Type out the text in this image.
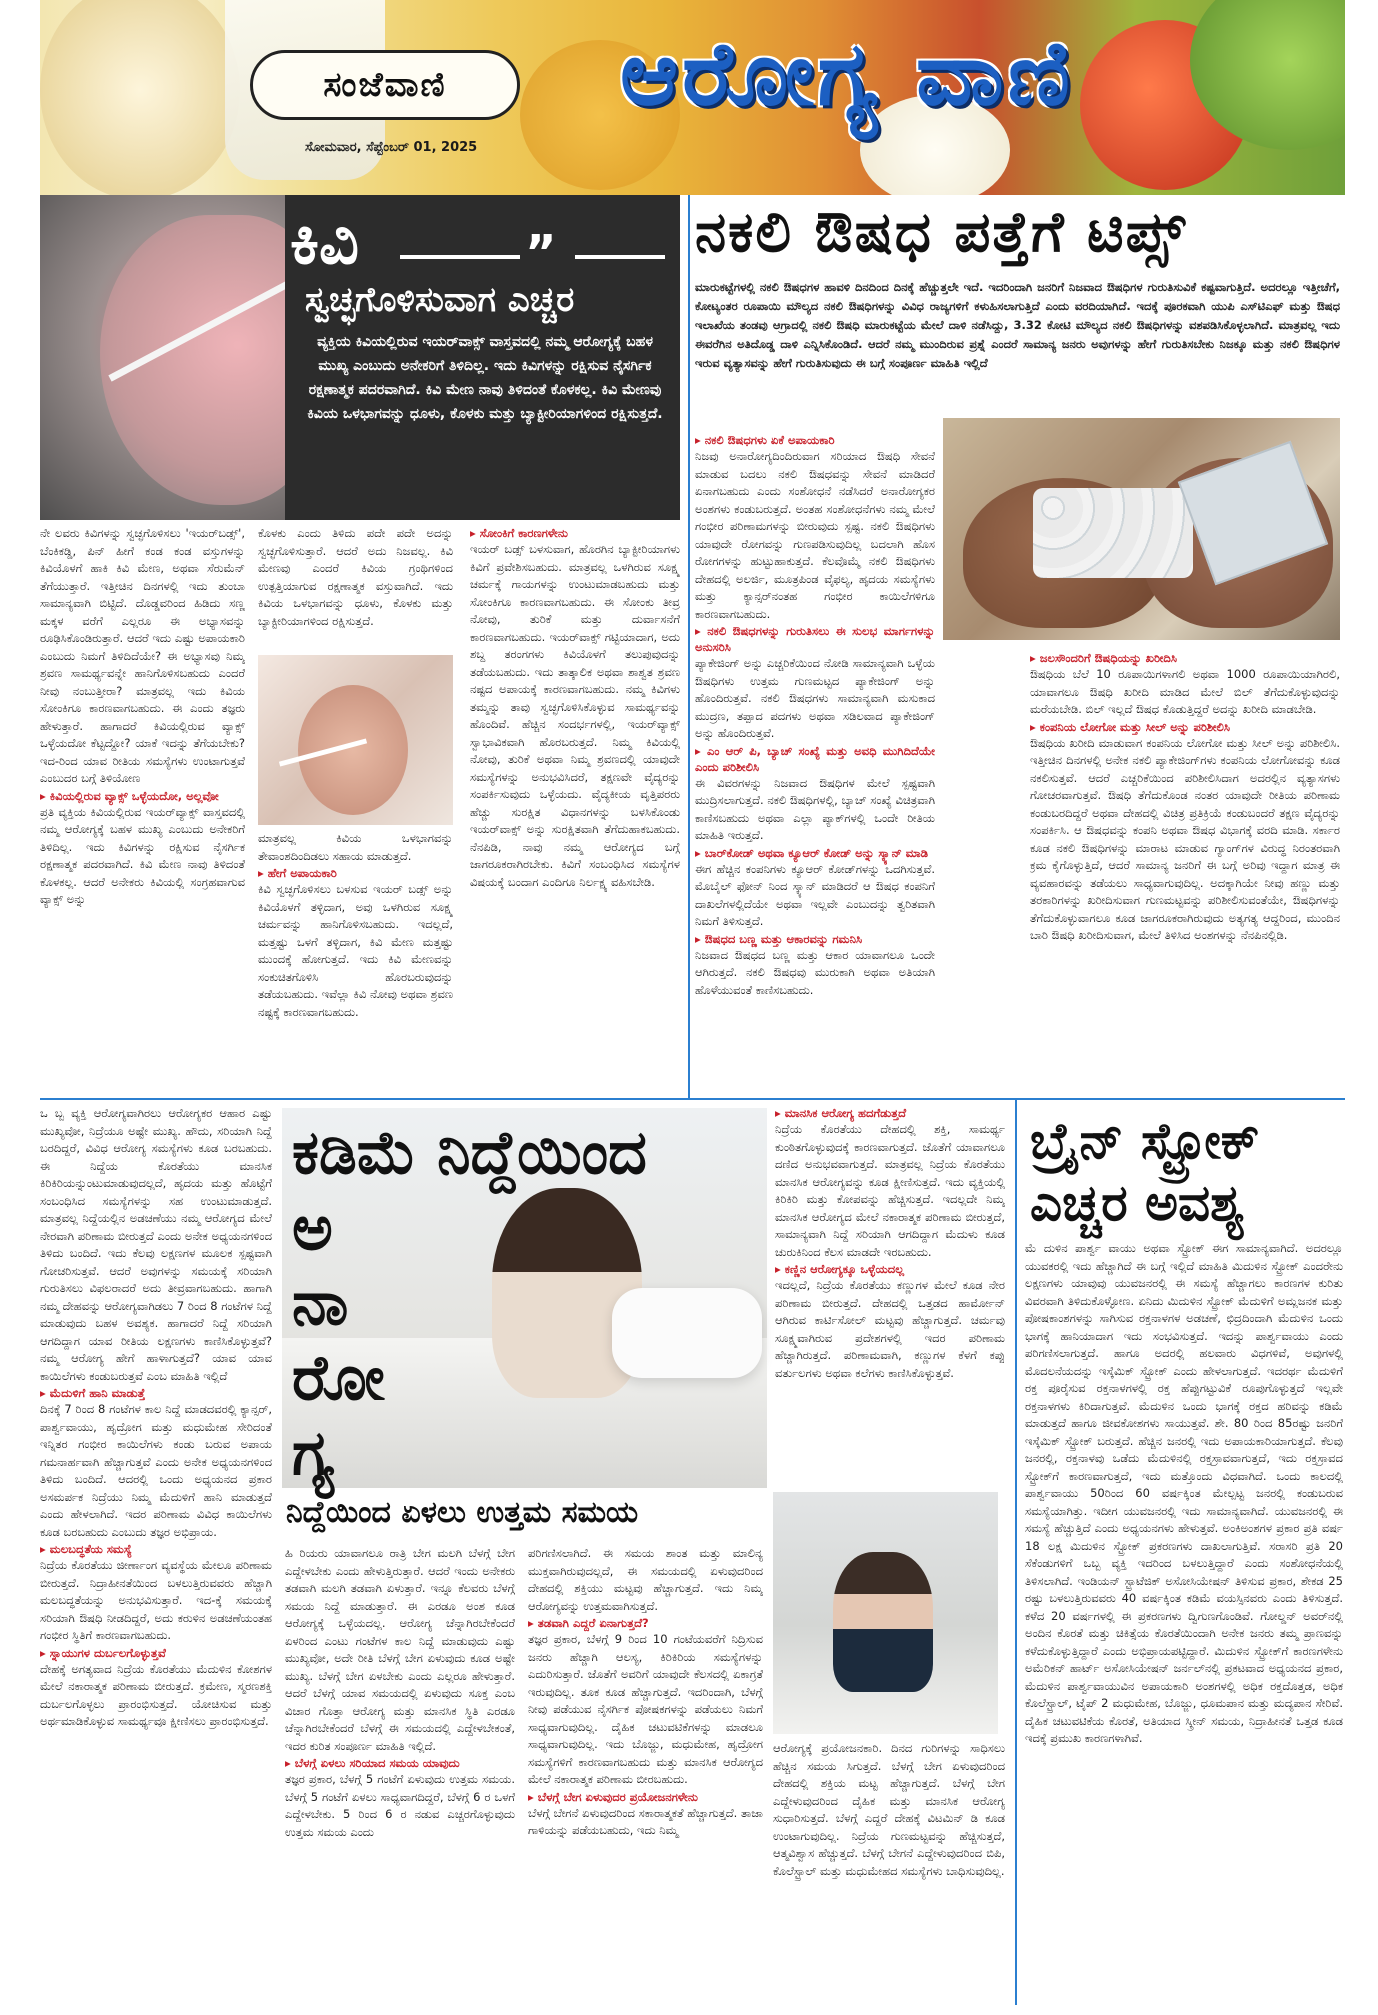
ಸಂಜೆವಾಣಿ
ಸೋಮವಾರ, ಸೆಪ್ಟೆಂಬರ್ 01, 2025
ಆರೋಗ್ಯ ವಾಣಿ
ಕಿವಿ	”
ಸ್ವಚ್ಛಗೊಳಿಸುವಾಗ ಎಚ್ಚರ
ವ್ಯಕ್ತಿಯ ಕಿವಿಯಲ್ಲಿರುವ ಇಯರ್‌ವಾಕ್ಸ್ ವಾಸ್ತವದಲ್ಲಿ ನಮ್ಮ ಆರೋಗ್ಯಕ್ಕೆ ಬಹಳ ಮುಖ್ಯ ಎಂಬುದು ಅನೇಕರಿಗೆ ತಿಳಿದಿಲ್ಲ. ಇದು ಕಿವಿಗಳನ್ನು ರಕ್ಷಿಸುವ ನೈಸರ್ಗಿಕ ರಕ್ಷಣಾತ್ಮಕ ಪದರವಾಗಿದೆ. ಕಿವಿ ಮೇಣ ನಾವು ತಿಳಿದಂತೆ ಕೊಳಕಲ್ಲ. ಕಿವಿ ಮೇಣವು ಕಿವಿಯ ಒಳಭಾಗವನ್ನು ಧೂಳು, ಕೊಳಕು ಮತ್ತು ಬ್ಯಾಕ್ಟೀರಿಯಾಗಳಿಂದ ರಕ್ಷಿಸುತ್ತದೆ.

ನೇ ಲವರು ಕಿವಿಗಳನ್ನು ಸ್ವಚ್ಛಗೊಳಿಸಲು 'ಇಯರ್‌ಬಡ್ಸ್', ಬೆಂಕಿಕಡ್ಡಿ, ಪಿನ್ ಹೀಗೆ ಕಂಡ ಕಂಡ ವಸ್ತುಗಳನ್ನು ಕಿವಿಯೊಳಗೆ ಹಾಕಿ ಕಿವಿ ಮೇಣ, ಅಥವಾ ಸೆರುಮೆನ್ ತೆಗೆಯುತ್ತಾರೆ. ಇತ್ತೀಚಿನ ದಿನಗಳಲ್ಲಿ ಇದು ತುಂಬಾ ಸಾಮಾನ್ಯವಾಗಿ ಬಿಟ್ಟಿದೆ. ದೊಡ್ಡವರಿಂದ ಹಿಡಿದು ಸಣ್ಣ ಮಕ್ಕಳ ವರೆಗೆ ಎಲ್ಲರೂ ಈ ಅಭ್ಯಾಸವನ್ನು ರೂಢಿಸಿಕೊಂಡಿರುತ್ತಾರೆ. ಆದರೆ ಇದು ಎಷ್ಟು ಅಪಾಯಕಾರಿ ಎಂಬುದು ನಿಮಗೆ ತಿಳಿದಿದೆಯೇ? ಈ ಅಭ್ಯಾಸವು ನಿಮ್ಮ ಶ್ರವಣ ಸಾಮರ್ಥ್ಯವನ್ನೇ ಹಾನಿಗೊಳಿಸಬಹುದು ಎಂದರೆ ನೀವು ನಂಬುತ್ತೀರಾ? ಮಾತ್ರವಲ್ಲ ಇದು ಕಿವಿಯ ಸೋಂಕಿಗೂ ಕಾರಣವಾಗಬಹುದು. ಈ ಎಂದು ತಜ್ಞರು ಹೇಳುತ್ತಾರೆ. ಹಾಗಾದರೆ ಕಿವಿಯಲ್ಲಿರುವ ವ್ಯಾಕ್ಸ್ ಒಳ್ಳೆಯದೋ ಕೆಟ್ಟದ್ದೋ? ಯಾಕೆ ಇದನ್ನು ತೆಗೆಯಬೇಕು? ಇದ-ರಿಂದ ಯಾವ ರೀತಿಯ ಸಮಸ್ಯೆಗಳು ಉಂಟಾಗುತ್ತವೆ ಎಂಬುದರ ಬಗ್ಗೆ ತಿಳಿಯೋಣ

▸ ಕಿವಿಯಲ್ಲಿರುವ ವ್ಯಾಕ್ಸ್ ಒಳ್ಳೆಯದೋ, ಅಲ್ಲವೋ

ಪ್ರತಿ ವ್ಯಕ್ತಿಯ ಕಿವಿಯಲ್ಲಿರುವ ಇಯರ್‌ವ್ಯಾಕ್ಸ್ ವಾಸ್ತವದಲ್ಲಿ ನಮ್ಮ ಆರೋಗ್ಯಕ್ಕೆ ಬಹಳ ಮುಖ್ಯ ಎಂಬುದು ಅನೇಕರಿಗೆ ತಿಳಿದಿಲ್ಲ. ಇದು ಕಿವಿಗಳನ್ನು ರಕ್ಷಿಸುವ ನೈಸರ್ಗಿಕ ರಕ್ಷಣಾತ್ಮಕ ಪದರವಾಗಿದೆ. ಕಿವಿ ಮೇಣ ನಾವು ತಿಳಿದಂತೆ ಕೊಳಕಲ್ಲ. ಆದರೆ ಅನೇಕರು ಕಿವಿಯಲ್ಲಿ ಸಂಗ್ರಹವಾಗುವ ವ್ಯಾಕ್ಸ್ ಅನ್ನು

ಕೊಳಕು ಎಂದು ತಿಳಿದು ಪದೇ ಪದೇ ಅದನ್ನು ಸ್ವಚ್ಛಗೊಳಿಸುತ್ತಾರೆ. ಆದರೆ ಅದು ನಿಜವಲ್ಲ. ಕಿವಿ ಮೇಣವು ಎಂದರೆ ಕಿವಿಯ ಗ್ರಂಥಿಗಳಿಂದ ಉತ್ಪತ್ತಿಯಾಗುವ ರಕ್ಷಣಾತ್ಮಕ ವಸ್ತುವಾಗಿದೆ. ಇದು ಕಿವಿಯ ಒಳಭಾಗವನ್ನು ಧೂಳು, ಕೊಳಕು ಮತ್ತು ಬ್ಯಾಕ್ಟೀರಿಯಾಗಳಿಂದ ರಕ್ಷಿಸುತ್ತದೆ.

ಮಾತ್ರವಲ್ಲ ಕಿವಿಯ ಒಳಭಾಗವನ್ನು ತೇವಾಂಶದಿಂದಿಡಲು ಸಹಾಯ ಮಾಡುತ್ತದೆ.

▸ ಹೇಗೆ ಅಪಾಯಕಾರಿ

ಕಿವಿ ಸ್ವಚ್ಛಗೊಳಿಸಲು ಬಳಸುವ ಇಯರ್ ಬಡ್ಸ್ ಅನ್ನು ಕಿವಿಯೊಳಗೆ ತಳ್ಳಿದಾಗ, ಅವು ಒಳಗಿರುವ ಸೂಕ್ಷ್ಮ ಚರ್ಮವನ್ನು ಹಾನಿಗೊಳಿಸಬಹುದು. ಇದಲ್ಲದೆ, ಮತ್ತಷ್ಟು ಒಳಗೆ ತಳ್ಳಿದಾಗ, ಕಿವಿ ಮೇಣ ಮತ್ತಷ್ಟು ಮುಂದಕ್ಕೆ ಹೋಗುತ್ತದೆ. ಇದು ಕಿವಿ ಮೇಣವನ್ನು ಸಂಕುಚಿತಗೊಳಿಸಿ ಹೊರಬರುವುದನ್ನು ತಡೆಯಬಹುದು. ಇವೆಲ್ಲಾ ಕಿವಿ ನೋವು ಅಥವಾ ಶ್ರವಣ ನಷ್ಟಕ್ಕೆ ಕಾರಣವಾಗಬಹುದು.

▸ ಸೋಂಕಿಗೆ ಕಾರಣಗಳೇನು

ಇಯರ್ ಬಡ್ಸ್ ಬಳಸುವಾಗ, ಹೊರಗಿನ ಬ್ಯಾಕ್ಟೀರಿಯಾಗಳು ಕಿವಿಗೆ ಪ್ರವೇಶಿಸಬಹುದು. ಮಾತ್ರವಲ್ಲ ಒಳಗಿರುವ ಸೂಕ್ಷ್ಮ ಚರ್ಮಕ್ಕೆ ಗಾಯಗಳನ್ನು ಉಂಟುಮಾಡಬಹುದು ಮತ್ತು ಸೋಂಕಿಗೂ ಕಾರಣವಾಗಬಹುದು. ಈ ಸೋಂಕು ತೀವ್ರ ನೋವು, ತುರಿಕೆ ಮತ್ತು ದುರ್ವಾಸನೆಗೆ ಕಾರಣವಾಗಬಹುದು. ಇಯರ್‌ವಾಕ್ಸ್ ಗಟ್ಟಿಯಾದಾಗ, ಅದು ಶಬ್ದ ತರಂಗಗಳು ಕಿವಿಯೊಳಗೆ ತಲುಪುವುದನ್ನು ತಡೆಯಬಹುದು. ಇದು ತಾತ್ಕಾಲಿಕ ಅಥವಾ ಶಾಶ್ವತ ಶ್ರವಣ ನಷ್ಟದ ಅಪಾಯಕ್ಕೆ ಕಾರಣವಾಗಬಹುದು. ನಮ್ಮ ಕಿವಿಗಳು ತಮ್ಮನ್ನು ತಾವು ಸ್ವಚ್ಛಗೊಳಿಸಿಕೊಳ್ಳುವ ಸಾಮರ್ಥ್ಯವನ್ನು ಹೊಂದಿವೆ. ಹೆಚ್ಚಿನ ಸಂದರ್ಭಗಳಲ್ಲಿ, ಇಯರ್‌ವ್ಯಾಕ್ಸ್ ಸ್ವಾಭಾವಿಕವಾಗಿ ಹೊರಬರುತ್ತದೆ. ನಿಮ್ಮ ಕಿವಿಯಲ್ಲಿ ನೋವು, ತುರಿಕೆ ಅಥವಾ ನಿಮ್ಮ ಶ್ರವಣದಲ್ಲಿ ಯಾವುದೇ ಸಮಸ್ಯೆಗಳನ್ನು ಅನುಭವಿಸಿದರೆ, ತಕ್ಷಣವೇ ವೈದ್ಯರನ್ನು ಸಂಪರ್ಕಿಸುವುದು ಒಳ್ಳೆಯದು. ವೈದ್ಯಕೀಯ ವೃತ್ತಿಪರರು ಹೆಚ್ಚು ಸುರಕ್ಷಿತ ವಿಧಾನಗಳನ್ನು ಬಳಸಿಕೊಂಡು ಇಯರ್‌ವಾಕ್ಸ್ ಅನ್ನು ಸುರಕ್ಷಿತವಾಗಿ ತೆಗೆದುಹಾಕಬಹುದು. ನೆನಪಿಡಿ, ನಾವು ನಮ್ಮ ಆರೋಗ್ಯದ ಬಗ್ಗೆ ಜಾಗರೂಕರಾಗಿರಬೇಕು. ಕಿವಿಗೆ ಸಂಬಂಧಿಸಿದ ಸಮಸ್ಯೆಗಳ ವಿಷಯಕ್ಕೆ ಬಂದಾಗ ಎಂದಿಗೂ ನಿರ್ಲಕ್ಷ್ಯ ವಹಿಸಬೇಡಿ.

ನಕಲಿ ಔಷಧ ಪತ್ತೆಗೆ ಟಿಪ್ಸ್
ಮಾರುಕಟ್ಟೆಗಳಲ್ಲಿ ನಕಲಿ ಔಷಧಗಳ ಹಾವಳಿ ದಿನದಿಂದ ದಿನಕ್ಕೆ ಹೆಚ್ಚುತ್ತಲೇ ಇದೆ. ಇದರಿಂದಾಗಿ ಜನರಿಗೆ ನಿಜವಾದ ಔಷಧಿಗಳ ಗುರುತಿಸುವಿಕೆ ಕಷ್ಟವಾಗುತ್ತಿದೆ. ಅದರಲ್ಲೂ ಇತ್ತೀಚೆಗೆ, ಕೋಟ್ಯಂತರ ರೂಪಾಯಿ ಮೌಲ್ಯದ ನಕಲಿ ಔಷಧಿಗಳನ್ನು ವಿವಿಧ ರಾಜ್ಯಗಳಿಗೆ ಕಳುಹಿಸಲಾಗುತ್ತಿದೆ ಎಂದು ವರದಿಯಾಗಿದೆ. ಇದಕ್ಕೆ ಪೂರಕವಾಗಿ ಯುಪಿ ಎಸ್‌ಟಿಎಫ್ ಮತ್ತು ಔಷಧ ಇಲಾಖೆಯ ತಂಡವು ಆಗ್ರಾದಲ್ಲಿ ನಕಲಿ ಔಷಧಿ ಮಾರುಕಟ್ಟೆಯ ಮೇಲೆ ದಾಳಿ ನಡೆಸಿದ್ದು, 3.32 ಕೋಟಿ ಮೌಲ್ಯದ ನಕಲಿ ಔಷಧಿಗಳನ್ನು ವಶಪಡಿಸಿಕೊಳ್ಳಲಾಗಿದೆ. ಮಾತ್ರವಲ್ಲ ಇದು ಈವರೆಗಿನ ಅತಿದೊಡ್ಡ ದಾಳಿ ಎನ್ನಿಸಿಕೊಂಡಿದೆ. ಆದರೆ ನಮ್ಮ ಮುಂದಿರುವ ಪ್ರಶ್ನೆ ಎಂದರೆ ಸಾಮಾನ್ಯ ಜನರು ಅವುಗಳನ್ನು ಹೇಗೆ ಗುರುತಿಸಬೇಕು ನಿಜಕ್ಕೂ ಮತ್ತು ನಕಲಿ ಔಷಧಿಗಳ ಇರುವ ವ್ಯತ್ಯಾಸವನ್ನು ಹೇಗೆ ಗುರುತಿಸುವುದು ಈ ಬಗ್ಗೆ ಸಂಪೂರ್ಣ ಮಾಹಿತಿ ಇಲ್ಲಿದೆ

▸ ನಕಲಿ ಔಷಧಗಳು ಏಕೆ ಅಪಾಯಕಾರಿ

ನಿಜವು ಅನಾರೋಗ್ಯದಿಂದಿರುವಾಗ ಸರಿಯಾದ ಔಷಧಿ ಸೇವನೆ ಮಾಡುವ ಬದಲು ನಕಲಿ ಔಷಧವನ್ನು ಸೇವನೆ ಮಾಡಿದರೆ ಏನಾಗಬಹುದು ಎಂದು ಸಂಶೋಧನೆ ನಡೆಸಿದರೆ ಅನಾರೋಗ್ಯಕರ ಅಂಶಗಳು ಕಂಡುಬರುತ್ತದೆ. ಅಂತಹ ಸಂಶೋಧನೆಗಳು ನಮ್ಮ ಮೇಲೆ ಗಂಭೀರ ಪರಿಣಾಮಗಳನ್ನು ಬೀರುವುದು ಸ್ಪಷ್ಟ. ನಕಲಿ ಔಷಧಿಗಳು ಯಾವುದೇ ರೋಗವನ್ನು ಗುಣಪಡಿಸುವುದಿಲ್ಲ ಬದಲಾಗಿ ಹೊಸ ರೋಗಗಳನ್ನು ಹುಟ್ಟುಹಾಕುತ್ತದೆ. ಕೆಲವೊಮ್ಮೆ ನಕಲಿ ಔಷಧಿಗಳು ದೇಹದಲ್ಲಿ ಅಲರ್ಜಿ, ಮೂತ್ರಪಿಂಡ ವೈಫಲ್ಯ, ಹೃದಯ ಸಮಸ್ಯೆಗಳು ಮತ್ತು ಕ್ಯಾನ್ಸರ್‌ನಂತಹ ಗಂಭೀರ ಕಾಯಿಲೆಗಳಿಗೂ ಕಾರಣವಾಗಬಹುದು.

▸ ನಕಲಿ ಔಷಧಗಳನ್ನು ಗುರುತಿಸಲು ಈ ಸುಲಭ ಮಾರ್ಗಗಳನ್ನು ಅನುಸರಿಸಿ

ಪ್ಯಾಕೇಜಿಂಗ್ ಅನ್ನು ಎಚ್ಚರಿಕೆಯಿಂದ ನೋಡಿ ಸಾಮಾನ್ಯವಾಗಿ ಒಳ್ಳೆಯ ಔಷಧಿಗಳು ಉತ್ತಮ ಗುಣಮಟ್ಟದ ಪ್ಯಾಕೇಜಿಂಗ್ ಅನ್ನು ಹೊಂದಿರುತ್ತವೆ. ನಕಲಿ ಔಷಧಗಳು ಸಾಮಾನ್ಯವಾಗಿ ಮಸುಕಾದ ಮುದ್ರಣ, ತಪ್ಪಾದ ಪದಗಳು ಅಥವಾ ಸಡಿಲವಾದ ಪ್ಯಾಕೇಜಿಂಗ್ ಅನ್ನು ಹೊಂದಿರುತ್ತವೆ.

▸ ಎಂ ಆರ್ ಪಿ, ಬ್ಯಾಚ್ ಸಂಖ್ಯೆ ಮತ್ತು ಅವಧಿ ಮುಗಿದಿದೆಯೇ ಎಂದು ಪರಿಶೀಲಿಸಿ

ಈ ವಿವರಗಳನ್ನು ನಿಜವಾದ ಔಷಧಿಗಳ ಮೇಲೆ ಸ್ಪಷ್ಟವಾಗಿ ಮುದ್ರಿಸಲಾಗುತ್ತದೆ. ನಕಲಿ ಔಷಧಿಗಳಲ್ಲಿ, ಬ್ಯಾಚ್ ಸಂಖ್ಯೆ ವಿಚಿತ್ರವಾಗಿ ಕಾಣಿಸಬಹುದು ಅಥವಾ ಎಲ್ಲಾ ಪ್ಯಾಕ್‌ಗಳಲ್ಲಿ ಒಂದೇ ರೀತಿಯ ಮಾಹಿತಿ ಇರುತ್ತದೆ.

▸ ಬಾರ್‌ಕೋಡ್ ಅಥವಾ ಕ್ಯೂಆರ್ ಕೋಡ್ ಅನ್ನು ಸ್ಕ್ಯಾನ್ ಮಾಡಿ

ಈಗ ಹೆಚ್ಚಿನ ಕಂಪನಿಗಳು ಕ್ಯೂಆರ್ ಕೋಡ್‌ಗಳನ್ನು ಒದಗಿಸುತ್ತವೆ. ಮೊಬೈಲ್ ಫೋನ್ ನಿಂದ ಸ್ಕ್ಯಾನ್ ಮಾಡಿದರೆ ಆ ಔಷಧ ಕಂಪನಿಗೆ ದಾಖಲೆಗಳಲ್ಲಿದೆಯೇ ಅಥವಾ ಇಲ್ಲವೇ ಎಂಬುದನ್ನು ತ್ವರಿತವಾಗಿ ನಿಮಗೆ ತಿಳಿಸುತ್ತದೆ.

▸ ಔಷಧದ ಬಣ್ಣ ಮತ್ತು ಆಕಾರವನ್ನು ಗಮನಿಸಿ

ನಿಜವಾದ ಔಷಧದ ಬಣ್ಣ ಮತ್ತು ಆಕಾರ ಯಾವಾಗಲೂ ಒಂದೇ ಆಗಿರುತ್ತದೆ. ನಕಲಿ ಔಷಧವು ಮುರುಕಾಗಿ ಅಥವಾ ಅತಿಯಾಗಿ ಹೊಳೆಯುವಂತೆ ಕಾಣಿಸಬಹುದು.

▸ ಜಲಸೌಂದರಿಗೆ ಔಷಧಿಯನ್ನು ಖರೀದಿಸಿ

ಔಷಧಿಯ ಬೆಲೆ 10 ರೂಪಾಯಿಗಳಾಗಲಿ ಅಥವಾ 1000 ರೂಪಾಯಿಯಾಗಿರಲಿ, ಯಾವಾಗಲೂ ಔಷಧಿ ಖರೀದಿ ಮಾಡಿದ ಮೇಲೆ ಬಿಲ್ ತೆಗೆದುಕೊಳ್ಳುವುದನ್ನು ಮರೆಯಬೇಡಿ. ಬಿಲ್ ಇಲ್ಲದೆ ಔಷಧ ಕೊಡುತ್ತಿದ್ದರೆ ಅದನ್ನು ಖರೀದಿ ಮಾಡಬೇಡಿ.

▸ ಕಂಪನಿಯ ಲೋಗೋ ಮತ್ತು ಸೀಲ್ ಅನ್ನು ಪರಿಶೀಲಿಸಿ

ಔಷಧಿಯ ಖರೀದಿ ಮಾಡುವಾಗ ಕಂಪನಿಯ ಲೋಗೋ ಮತ್ತು ಸೀಲ್ ಅನ್ನು ಪರಿಶೀಲಿಸಿ. ಇತ್ತೀಚಿನ ದಿನಗಳಲ್ಲಿ ಅನೇಕ ನಕಲಿ ಪ್ಯಾಕೇಜಿಂಗ್‌ಗಳು ಕಂಪನಿಯ ಲೋಗೋವನ್ನು ಕೂಡ ನಕಲಿಸುತ್ತವೆ. ಆದರೆ ಎಚ್ಚರಿಕೆಯಿಂದ ಪರಿಶೀಲಿಸಿದಾಗ ಅದರಲ್ಲಿನ ವ್ಯತ್ಯಾಸಗಳು ಗೋಚರವಾಗುತ್ತವೆ. ಔಷಧಿ ತೆಗೆದುಕೊಂಡ ನಂತರ ಯಾವುದೇ ರೀತಿಯ ಪರಿಣಾಮ ಕಂಡುಬರದಿದ್ದರೆ ಅಥವಾ ದೇಹದಲ್ಲಿ ವಿಚಿತ್ರ ಪ್ರತಿಕ್ರಿಯೆ ಕಂಡುಬಂದರೆ ತಕ್ಷಣ ವೈದ್ಯರನ್ನು ಸಂಪರ್ಕಿಸಿ. ಆ ಔಷಧವನ್ನು ಕಂಪನಿ ಅಥವಾ ಔಷಧ ವಿಭಾಗಕ್ಕೆ ವರದಿ ಮಾಡಿ. ಸರ್ಕಾರ ಕೂಡ ನಕಲಿ ಔಷಧಿಗಳನ್ನು ಮಾರಾಟ ಮಾಡುವ ಗ್ಯಾಂಗ್‌ಗಳ ವಿರುದ್ಧ ನಿರಂತರವಾಗಿ ಕ್ರಮ ಕೈಗೊಳ್ಳುತ್ತಿದೆ, ಆದರೆ ಸಾಮಾನ್ಯ ಜನರಿಗೆ ಈ ಬಗ್ಗೆ ಅರಿವು ಇದ್ದಾಗ ಮಾತ್ರ ಈ ವ್ಯವಹಾರವನ್ನು ತಡೆಯಲು ಸಾಧ್ಯವಾಗುವುದಿಲ್ಲ. ಅದಕ್ಕಾಗಿಯೇ ನೀವು ಹಣ್ಣು ಮತ್ತು ತರಕಾರಿಗಳನ್ನು ಖರೀದಿಸುವಾಗ ಗುಣಮಟ್ಟವನ್ನು ಪರಿಶೀಲಿಸುವಂತೆಯೇ, ಔಷಧಿಗಳನ್ನು ತೆಗೆದುಕೊಳ್ಳುವಾಗಲೂ ಕೂಡ ಜಾಗರೂಕರಾಗಿರುವುದು ಅತ್ಯಗತ್ಯ ಆದ್ದರಿಂದ, ಮುಂದಿನ ಬಾರಿ ಔಷಧಿ ಖರೀದಿಸುವಾಗ, ಮೇಲೆ ತಿಳಿಸಿದ ಅಂಶಗಳನ್ನು ನೆನಪಿನಲ್ಲಿಡಿ.

ಒ ಬ್ಬ ವ್ಯಕ್ತಿ ಆರೋಗ್ಯವಾಗಿರಲು ಆರೋಗ್ಯಕರ ಆಹಾರ ಎಷ್ಟು ಮುಖ್ಯವೋ, ನಿದ್ರೆಯೂ ಅಷ್ಟೇ ಮುಖ್ಯ. ಹೌದು, ಸರಿಯಾಗಿ ನಿದ್ದೆ ಬರದಿದ್ದರೆ, ವಿವಿಧ ಆರೋಗ್ಯ ಸಮಸ್ಯೆಗಳು ಕೂಡ ಬರಬಹುದು. ಈ ನಿದ್ದೆಯ ಕೊರತೆಯು ಮಾನಸಿಕ ಕಿರಿಕಿರಿಯನ್ನುಂಟುಮಾಡುವುದಲ್ಲದೆ, ಹೃದಯ ಮತ್ತು ಹೊಟ್ಟೆಗೆ ಸಂಬಂಧಿಸಿದ ಸಮಸ್ಯೆಗಳನ್ನು ಸಹ ಉಂಟುಮಾಡುತ್ತದೆ. ಮಾತ್ರವಲ್ಲ ನಿದ್ದೆಯಲ್ಲಿನ ಅಡಚಣೆಯು ನಮ್ಮ ಆರೋಗ್ಯದ ಮೇಲೆ ನೇರವಾಗಿ ಪರಿಣಾಮ ಬೀರುತ್ತದೆ ಎಂದು ಅನೇಕ ಅಧ್ಯಯನಗಳಿಂದ ತಿಳಿದು ಬಂದಿದೆ. ಇದು ಕೆಲವು ಲಕ್ಷಣಗಳ ಮೂಲಕ ಸ್ಪಷ್ಟವಾಗಿ ಗೋಚರಿಸುತ್ತವೆ. ಆದರೆ ಅವುಗಳನ್ನು ಸಮಯಕ್ಕೆ ಸರಿಯಾಗಿ ಗುರುತಿಸಲು ವಿಫಲರಾದರೆ ಅದು ತೀವ್ರವಾಗಬಹುದು. ಹಾಗಾಗಿ ನಮ್ಮ ದೇಹವನ್ನು ಆರೋಗ್ಯವಾಗಿಡಲು 7 ರಿಂದ 8 ಗಂಟೆಗಳ ನಿದ್ದೆ ಮಾಡುವುದು ಬಹಳ ಅವಶ್ಯಕ. ಹಾಗಾದರೆ ನಿದ್ದೆ ಸರಿಯಾಗಿ ಆಗದಿದ್ದಾಗ ಯಾವ ರೀತಿಯ ಲಕ್ಷಣಗಳು ಕಾಣಿಸಿಕೊಳ್ಳುತ್ತವೆ? ನಮ್ಮ ಆರೋಗ್ಯ ಹೇಗೆ ಹಾಳಾಗುತ್ತದೆ? ಯಾವ ಯಾವ ಕಾಯಿಲೆಗಳು ಕಂಡುಬರುತ್ತವೆ ಎಂಬ ಮಾಹಿತಿ ಇಲ್ಲಿದೆ

▸ ಮೆದುಳಿಗೆ ಹಾನಿ ಮಾಡುತ್ತೆ

ದಿನಕ್ಕೆ 7 ರಿಂದ 8 ಗಂಟೆಗಳ ಕಾಲ ನಿದ್ದೆ ಮಾಡದವರಲ್ಲಿ ಕ್ಯಾನ್ಸರ್, ಪಾರ್ಶ್ವವಾಯು, ಹೃದ್ರೋಗ ಮತ್ತು ಮಧುಮೇಹ ಸೇರಿದಂತೆ ಇನ್ನಿತರ ಗಂಭೀರ ಕಾಯಿಲೆಗಳು ಕಂಡು ಬರುವ ಅಪಾಯ ಗಮನಾರ್ಹವಾಗಿ ಹೆಚ್ಚಾಗುತ್ತವೆ ಎಂದು ಅನೇಕ ಅಧ್ಯಯನಗಳಿಂದ ತಿಳಿದು ಬಂದಿದೆ. ಆದರಲ್ಲಿ ಒಂದು ಅಧ್ಯಯನದ ಪ್ರಕಾರ ಅಸಮರ್ಪಕ ನಿದ್ರೆಯು ನಿಮ್ಮ ಮೆದುಳಿಗೆ ಹಾನಿ ಮಾಡುತ್ತದೆ ಎಂದು ಹೇಳಲಾಗಿದೆ. ಇದರ ಪರಿಣಾಮ ವಿವಿಧ ಕಾಯಿಲೆಗಳು ಕೂಡ ಬರಬಹುದು ಎಂಬುದು ತಜ್ಞರ ಅಭಿಪ್ರಾಯ.

▸ ಮಲಬದ್ಧತೆಯ ಸಮಸ್ಯೆ

ನಿದ್ರೆಯ ಕೊರತೆಯು ಜೀರ್ಣಾಂಗ ವ್ಯವಸ್ಥೆಯ ಮೇಲೂ ಪರಿಣಾಮ ಬೀರುತ್ತದೆ. ನಿದ್ರಾಹೀನತೆಯಿಂದ ಬಳಲುತ್ತಿರುವವರು ಹೆಚ್ಚಾಗಿ ಮಲಬದ್ಧತೆಯನ್ನು ಅನುಭವಿಸುತ್ತಾರೆ. ಇದ-ಕ್ಕೆ ಸಮಯಕ್ಕೆ ಸರಿಯಾಗಿ ಔಷಧಿ ನೀಡದಿದ್ದರೆ, ಅದು ಕರುಳಿನ ಅಡಚಣೆಯಂತಹ ಗಂಭೀರ ಸ್ಥಿತಿಗೆ ಕಾರಣವಾಗಬಹುದು.

▸ ಸ್ನಾಯುಗಳ ದುರ್ಬಲಗೊಳ್ಳುತ್ತವೆ

ದೇಹಕ್ಕೆ ಅಗತ್ಯವಾದ ನಿದ್ರೆಯ ಕೊರತೆಯು ಮೆದುಳಿನ ಕೋಶಗಳ ಮೇಲೆ ನಕಾರಾತ್ಮಕ ಪರಿಣಾಮ ಬೀರುತ್ತದೆ. ಕ್ರಮೇಣ, ಸ್ಮರಣಶಕ್ತಿ ದುರ್ಬಲಗೊಳ್ಳಲು ಪ್ರಾರಂಭಿಸುತ್ತದೆ. ಯೋಚಿಸುವ ಮತ್ತು ಅರ್ಥಮಾಡಿಕೊಳ್ಳುವ ಸಾಮರ್ಥ್ಯವೂ ಕ್ಷೀಣಿಸಲು ಪ್ರಾರಂಭಿಸುತ್ತದೆ.

ಕಡಿಮೆ ನಿದ್ದೆಯಿಂದ
ಅ
ನಾ
ರೋ
ಗ್ಯ
ನಿದ್ದೆಯಿಂದ ಏಳಲು ಉತ್ತಮ ಸಮಯ

▸ ಮಾನಸಿಕ ಆರೋಗ್ಯ ಹದಗೆಡುತ್ತದೆ

ನಿದ್ರೆಯ ಕೊರತೆಯು ದೇಹದಲ್ಲಿ ಶಕ್ತಿ, ಸಾಮರ್ಥ್ಯ ಕುಂಠಿತಗೊಳ್ಳುವುದಕ್ಕೆ ಕಾರಣವಾಗುತ್ತದೆ. ಜೊತೆಗೆ ಯಾವಾಗಲೂ ದಣಿದ ಅನುಭವವಾಗುತ್ತದೆ. ಮಾತ್ರವಲ್ಲ ನಿದ್ರೆಯ ಕೊರತೆಯು ಮಾನಸಿಕ ಆರೋಗ್ಯವನ್ನು ಕೂಡ ಕ್ಷೀಣಿಸುತ್ತದೆ. ಇದು ವ್ಯಕ್ತಿಯಲ್ಲಿ ಕಿರಿಕಿರಿ ಮತ್ತು ಕೋಪವನ್ನು ಹೆಚ್ಚಿಸುತ್ತದೆ. ಇದಲ್ಲದೇ ನಿಮ್ಮ ಮಾನಸಿಕ ಆರೋಗ್ಯದ ಮೇಲೆ ನಕಾರಾತ್ಮಕ ಪರಿಣಾಮ ಬೀರುತ್ತದೆ, ಸಾಮಾನ್ಯವಾಗಿ ನಿದ್ದೆ ಸರಿಯಾಗಿ ಆಗದಿದ್ದಾಗ ಮೆದುಳು ಕೂಡ ಚುರುಕಿನಿಂದ ಕೆಲಸ ಮಾಡದೇ ಇರಬಹುದು.

▸ ಕಣ್ಣಿನ ಆರೋಗ್ಯಕ್ಕೂ ಒಳ್ಳೆಯದಲ್ಲ

ಇದಲ್ಲದೆ, ನಿದ್ರೆಯ ಕೊರತೆಯು ಕಣ್ಣುಗಳ ಮೇಲೆ ಕೂಡ ನೇರ ಪರಿಣಾಮ ಬೀರುತ್ತದೆ. ದೇಹದಲ್ಲಿ ಒತ್ತಡದ ಹಾರ್ಮೋನ್ ಆಗಿರುವ ಕಾರ್ಟಿಸೋಲ್ ಮಟ್ಟವು ಹೆಚ್ಚಾಗುತ್ತದೆ. ಚರ್ಮವು ಸೂಕ್ಷ್ಮವಾಗಿರುವ ಪ್ರದೇಶಗಳಲ್ಲಿ ಇದರ ಪರಿಣಾಮ ಹೆಚ್ಚಾಗಿರುತ್ತದೆ. ಪರಿಣಾಮವಾಗಿ, ಕಣ್ಣುಗಳ ಕೆಳಗೆ ಕಪ್ಪು ವರ್ತುಲಗಳು ಅಥವಾ ಕಲೆಗಳು ಕಾಣಿಸಿಕೊಳ್ಳುತ್ತವೆ.

ಹಿ ರಿಯರು ಯಾವಾಗಲೂ ರಾತ್ರಿ ಬೇಗ ಮಲಗಿ ಬೆಳಗ್ಗೆ ಬೇಗ ಎದ್ದೇಳಬೇಕು ಎಂದು ಹೇಳುತ್ತಿರುತ್ತಾರೆ. ಆದರೆ ಇಂದು ಅನೇಕರು ತಡವಾಗಿ ಮಲಗಿ ತಡವಾಗಿ ಏಳುತ್ತಾರೆ. ಇನ್ನೂ ಕೆಲವರು ಬೆಳಗ್ಗೆ ಸಮಯ ನಿದ್ದೆ ಮಾಡುತ್ತಾರೆ. ಈ ಎರಡೂ ಅಂಶ ಕೂಡ ಆರೋಗ್ಯಕ್ಕೆ ಒಳ್ಳೆಯದಲ್ಲ. ಆರೋಗ್ಯ ಚೆನ್ನಾಗಿರಬೇಕೆಂದರೆ ಏಳರಿಂದ ಎಂಟು ಗಂಟೆಗಳ ಕಾಲ ನಿದ್ದೆ ಮಾಡುವುದು ಎಷ್ಟು ಮುಖ್ಯವೋ, ಅದೇ ರೀತಿ ಬೆಳಗ್ಗೆ ಬೇಗ ಏಳುವುದು ಕೂಡ ಅಷ್ಟೇ ಮುಖ್ಯ. ಬೆಳಗ್ಗೆ ಬೇಗ ಏಳಬೇಕು ಎಂದು ಎಲ್ಲರೂ ಹೇಳುತ್ತಾರೆ. ಆದರೆ ಬೆಳಗ್ಗೆ ಯಾವ ಸಮಯದಲ್ಲಿ ಏಳುವುದು ಸೂಕ್ತ ಎಂಬ ವಿಚಾರ ಗೊತ್ತಾ ಆರೋಗ್ಯ ಮತ್ತು ಮಾನಸಿಕ ಸ್ಥಿತಿ ಎರಡೂ ಚೆನ್ನಾಗಿರಬೇಕೆಂದರೆ ಬೆಳಗ್ಗೆ ಈ ಸಮಯದಲ್ಲಿ ಎದ್ದೇಳಬೇಕಂತೆ, ಇದರ ಕುರಿತ ಸಂಪೂರ್ಣ ಮಾಹಿತಿ ಇಲ್ಲಿದೆ.

▸ ಬೆಳಗ್ಗೆ ಏಳಲು ಸರಿಯಾದ ಸಮಯ ಯಾವುದು

ತಜ್ಞರ ಪ್ರಕಾರ, ಬೆಳಗ್ಗೆ 5 ಗಂಟೆಗೆ ಏಳುವುದು ಉತ್ತಮ ಸಮಯ. ಬೆಳಗ್ಗೆ 5 ಗಂಟೆಗೆ ಏಳಲು ಸಾಧ್ಯವಾಗದಿದ್ದರೆ, ಬೆಳಗ್ಗೆ 6 ರ ಒಳಗೆ ಎದ್ದೇಳಬೇಕು. 5 ರಿಂದ 6 ರ ನಡುವ ಎಚ್ಚರಗೊಳ್ಳುವುದು ಉತ್ತಮ ಸಮಯ ಎಂದು

ಪರಿಗಣಿಸಲಾಗಿದೆ. ಈ ಸಮಯ ಶಾಂತ ಮತ್ತು ಮಾಲಿನ್ಯ ಮುಕ್ತವಾಗಿರುವುದಲ್ಲದೆ, ಈ ಸಮಯದಲ್ಲಿ ಏಳುವುದರಿಂದ ದೇಹದಲ್ಲಿ ಶಕ್ತಿಯು ಮಟ್ಟವು ಹೆಚ್ಚಾಗುತ್ತದೆ. ಇದು ನಿಮ್ಮ ಆರೋಗ್ಯವನ್ನು ಉತ್ತಮವಾಗಿಸುತ್ತದೆ.

▸ ತಡವಾಗಿ ಎದ್ದರೆ ಏನಾಗುತ್ತದೆ?

ತಜ್ಞರ ಪ್ರಕಾರ, ಬೆಳಗ್ಗೆ 9 ರಿಂದ 10 ಗಂಟೆಯವರೆಗೆ ನಿದ್ರಿಸುವ ಜನರು ಹೆಚ್ಚಾಗಿ ಆಲಸ್ಯ, ಕಿರಿಕಿರಿಯ ಸಮಸ್ಯೆಗಳನ್ನು ಎದುರಿಸುತ್ತಾರೆ. ಜೊತೆಗೆ ಅವರಿಗೆ ಯಾವುದೇ ಕೆಲಸದಲ್ಲಿ ಏಕಾಗ್ರತೆ ಇರುವುದಿಲ್ಲ. ತೂಕ ಕೂಡ ಹೆಚ್ಚಾಗುತ್ತದೆ. ಇದರಿಂದಾಗಿ, ಬೆಳಗ್ಗೆ ನೀವು ಪಡೆಯುವ ನೈಸರ್ಗಿಕ ಪೋಷಕಗಳನ್ನು ಪಡೆಯಲು ನಿಮಗೆ ಸಾಧ್ಯವಾಗುವುದಿಲ್ಲ. ದೈಹಿಕ ಚಟುವಟಿಕೆಗಳನ್ನು ಮಾಡಲೂ ಸಾಧ್ಯವಾಗುವುದಿಲ್ಲ. ಇದು ಬೊಜ್ಜು, ಮಧುಮೇಹ, ಹೃದ್ರೋಗ ಸಮಸ್ಯೆಗಳಿಗೆ ಕಾರಣವಾಗಬಹುದು ಮತ್ತು ಮಾನಸಿಕ ಆರೋಗ್ಯದ ಮೇಲೆ ನಕಾರಾತ್ಮಕ ಪರಿಣಾಮ ಬೀರಬಹುದು.

▸ ಬೆಳಗ್ಗೆ ಬೇಗ ಏಳುವುದರ ಪ್ರಯೋಜನಗಳೇನು

ಬೆಳಗ್ಗೆ ಬೇಗನೆ ಏಳುವುದರಿಂದ ಸಕಾರಾತ್ಮಕತೆ ಹೆಚ್ಚಾಗುತ್ತದೆ. ತಾಜಾ ಗಾಳಿಯನ್ನು ಪಡೆಯಬಹುದು, ಇದು ನಿಮ್ಮ

ಆರೋಗ್ಯಕ್ಕೆ ಪ್ರಯೋಜನಕಾರಿ. ದಿನದ ಗುರಿಗಳನ್ನು ಸಾಧಿಸಲು ಹೆಚ್ಚಿನ ಸಮಯ ಸಿಗುತ್ತದೆ. ಬೆಳಗ್ಗೆ ಬೇಗ ಏಳುವುದರಿಂದ ದೇಹದಲ್ಲಿ ಶಕ್ತಿಯ ಮಟ್ಟ ಹೆಚ್ಚಾಗುತ್ತದೆ. ಬೆಳಗ್ಗೆ ಬೇಗ ಎದ್ದೇಳುವುದರಿಂದ ದೈಹಿಕ ಮತ್ತು ಮಾನಸಿಕ ಆರೋಗ್ಯ ಸುಧಾರಿಸುತ್ತದೆ. ಬೆಳಗ್ಗೆ ಎದ್ದರೆ ದೇಹಕ್ಕೆ ವಿಟಮಿನ್ ಡಿ ಕೂಡ ಉಂಟಾಗುವುದಿಲ್ಲ. ನಿದ್ರೆಯ ಗುಣಮಟ್ಟವನ್ನು ಹೆಚ್ಚಿಸುತ್ತದೆ, ಆತ್ಮವಿಶ್ವಾಸ ಹೆಚ್ಚುತ್ತದೆ. ಬೆಳಗ್ಗೆ ಬೇಗನೆ ಎದ್ದೇಳುವುದರಿಂದ ಬಿಪಿ, ಕೊಲೆಸ್ಟ್ರಾಲ್ ಮತ್ತು ಮಧುಮೇಹದ ಸಮಸ್ಯೆಗಳು ಬಾಧಿಸುವುದಿಲ್ಲ.

ಬ್ರೈನ್ ಸ್ಟ್ರೋಕ್ ಎಚ್ಚರ ಅವಶ್ಯ

ಮೆ ದುಳಿನ ಪಾರ್ಶ್ವ ವಾಯು ಅಥವಾ ಸ್ಟ್ರೋಕ್ ಈಗ ಸಾಮಾನ್ಯವಾಗಿದೆ. ಅದರಲ್ಲೂ ಯುವಕರಲ್ಲಿ ಇದು ಹೆಚ್ಚಾಗಿದೆ ಈ ಬಗ್ಗೆ ಇಲ್ಲಿದೆ ಮಾಹಿತಿ ಮಿದುಳಿನ ಸ್ಟ್ರೋಕ್ ಎಂದರೇನು ಲಕ್ಷಣಗಳು ಯಾವುವು ಯುವಜನರಲ್ಲಿ ಈ ಸಮಸ್ಯೆ ಹೆಚ್ಚಾಗಲು ಕಾರಣಗಳ ಕುರಿತು ವಿವರವಾಗಿ ತಿಳಿದುಕೊಳ್ಳೋಣ. ಏನಿದು ಮಿದುಳಿನ ಸ್ಟ್ರೋಕ್ ಮೆದುಳಿಗೆ ಅಮ್ಲಜನಕ ಮತ್ತು ಪೋಷಕಾಂಶಗಳನ್ನು ಸಾಗಿಸುವ ರಕ್ತನಾಳಗಳ ಅಡಚಣೆ, ಛಿದ್ರದಿಂದಾಗಿ ಮೆದುಳಿನ ಒಂದು ಭಾಗಕ್ಕೆ ಹಾನಿಯಾದಾಗ ಇದು ಸಂಭವಿಸುತ್ತದೆ. ಇದನ್ನು ಪಾರ್ಶ್ವವಾಯು ಎಂದು ಪರಿಗಣಿಸಲಾಗುತ್ತದೆ. ಹಾಗೂ ಅದರಲ್ಲಿ ಹಲವಾರು ವಿಧಗಳಿವೆ, ಅವುಗಳಲ್ಲಿ ಮೊದಲನೆಯದನ್ನು ಇಸ್ಕೆಮಿಕ್ ಸ್ಟ್ರೋಕ್ ಎಂದು ಹೇಳಲಾಗುತ್ತದೆ. ಇದರರ್ಥ ಮೆದುಳಿಗೆ ರಕ್ತ ಪೂರೈಸುವ ರಕ್ತನಾಳಗಳಲ್ಲಿ ರಕ್ತ ಹೆಪ್ಪುಗಟ್ಟುವಿಕೆ ರೂಪುಗೊಳ್ಳುತ್ತದೆ ಇಲ್ಲವೇ ರಕ್ತನಾಳಗಳು ಕಿರಿದಾಗುತ್ತವೆ. ಮೆದುಳಿನ ಒಂದು ಭಾಗಕ್ಕೆ ರಕ್ತದ ಹರಿವನ್ನು ಕಡಿಮೆ ಮಾಡುತ್ತದೆ ಹಾಗೂ ಜೀವಕೋಶಗಳು ಸಾಯುತ್ತವೆ. ಶೇ. 80 ರಿಂದ 85ರಷ್ಟು ಜನರಿಗೆ ಇಸ್ಕೆಮಿಕ್ ಸ್ಟ್ರೋಕ್ ಬರುತ್ತದೆ. ಹೆಚ್ಚಿನ ಜನರಲ್ಲಿ ಇದು ಅಪಾಯಕಾರಿಯಾಗುತ್ತದೆ. ಕೆಲವು ಜನರಲ್ಲಿ, ರಕ್ತನಾಳವು ಒಡೆದು ಮೆದುಳಿನಲ್ಲಿ ರಕ್ತಸ್ರಾವವಾಗುತ್ತದೆ, ಇದು ರಕ್ತಸ್ರಾವದ ಸ್ಟ್ರೋಕ್‌ಗೆ ಕಾರಣವಾಗುತ್ತದೆ, ಇದು ಮತ್ತೊಂದು ವಿಧವಾಗಿದೆ. ಒಂದು ಕಾಲದಲ್ಲಿ ಪಾರ್ಶ್ವವಾಯು 50ರಿಂದ 60 ವರ್ಷಕ್ಕಿಂತ ಮೇಲ್ಪಟ್ಟ ಜನರಲ್ಲಿ ಕಂಡುಬರುವ ಸಮಸ್ಯೆಯಾಗಿತ್ತು. ಇದೀಗ ಯುವಜನರಲ್ಲಿ ಇದು ಸಾಮಾನ್ಯವಾಗಿದೆ. ಯುವಜನರಲ್ಲಿ ಈ ಸಮಸ್ಯೆ ಹೆಚ್ಚುತ್ತಿದೆ ಎಂದು ಅಧ್ಯಯನಗಳು ಹೇಳುತ್ತವೆ. ಅಂಕಿಅಂಶಗಳ ಪ್ರಕಾರ ಪ್ರತಿ ವರ್ಷ 18 ಲಕ್ಷ ಮಿದುಳಿನ ಸ್ಟ್ರೋಕ್ ಪ್ರಕರಣಗಳು ದಾಖಲಾಗುತ್ತಿವೆ. ಸರಾಸರಿ ಪ್ರತಿ 20 ಸೆಕೆಂಡುಗಳಿಗೆ ಒಬ್ಬ ವ್ಯಕ್ತಿ ಇದರಿಂದ ಬಳಲುತ್ತಿದ್ದಾರೆ ಎಂದು ಸಂಶೋಧನೆಯಲ್ಲಿ ತಿಳಿಸಲಾಗಿದೆ. ಇಂಡಿಯನ್ ಸ್ಟ್ರಾಟೆಜಿಕ್ ಅಸೋಸಿಯೇಷನ್ ತಿಳಿಸುವ ಪ್ರಕಾರ, ಶೇಕಡ 25 ರಷ್ಟು ಬಳಲುತ್ತಿರುವವರು 40 ವರ್ಷಕ್ಕಿಂತ ಕಡಿಮೆ ವಯಸ್ಸಿನವರು ಎಂದು ತಿಳಿಸುತ್ತದೆ. ಕಳೆದ 20 ವರ್ಷಗಳಲ್ಲಿ ಈ ಪ್ರಕರಣಗಳು ದ್ವಿಗುಣಗೊಂಡಿವೆ. ಗೋಲ್ಡನ್ ಅವರ್‌ನಲ್ಲಿ ಅಂದಿನ ಕೊರತೆ ಮತ್ತು ಚಿಕಿತ್ಸೆಯ ಕೊರತೆಯಿಂದಾಗಿ ಅನೇಕ ಜನರು ತಮ್ಮ ಪ್ರಾಣವನ್ನು ಕಳೆದುಕೊಳ್ಳುತ್ತಿದ್ದಾರೆ ಎಂದು ಅಭಿಪ್ರಾಯಪಟ್ಟಿದ್ದಾರೆ. ಮಿದುಳಿನ ಸ್ಟ್ರೋಕ್‌ಗೆ ಕಾರಣಗಳೇನು ಅಮೆರಿಕನ್ ಹಾರ್ಟ್ ಅಸೋಸಿಯೇಷನ್ ಜರ್ನಲ್‌ನಲ್ಲಿ ಪ್ರಕಟವಾದ ಅಧ್ಯಯನದ ಪ್ರಕಾರ, ಮೆದುಳಿನ ಪಾರ್ಶ್ವವಾಯುವಿನ ಅಪಾಯಕಾರಿ ಅಂಶಗಳಲ್ಲಿ ಅಧಿಕ ರಕ್ತದೊತ್ತಡ, ಅಧಿಕ ಕೊಲೆಸ್ಟ್ರಾಲ್, ಟೈಪ್ 2 ಮಧುಮೇಹ, ಬೊಜ್ಜು, ಧೂಮಪಾನ ಮತ್ತು ಮದ್ಯಪಾನ ಸೇರಿವೆ. ದೈಹಿಕ ಚಟುವಟಿಕೆಯ ಕೊರತೆ, ಅತಿಯಾದ ಸ್ಕ್ರೀನ್ ಸಮಯ, ನಿದ್ರಾಹೀನತೆ ಒತ್ತಡ ಕೂಡ ಇದಕ್ಕೆ ಪ್ರಮುಖ ಕಾರಣಗಳಾಗಿವೆ.
